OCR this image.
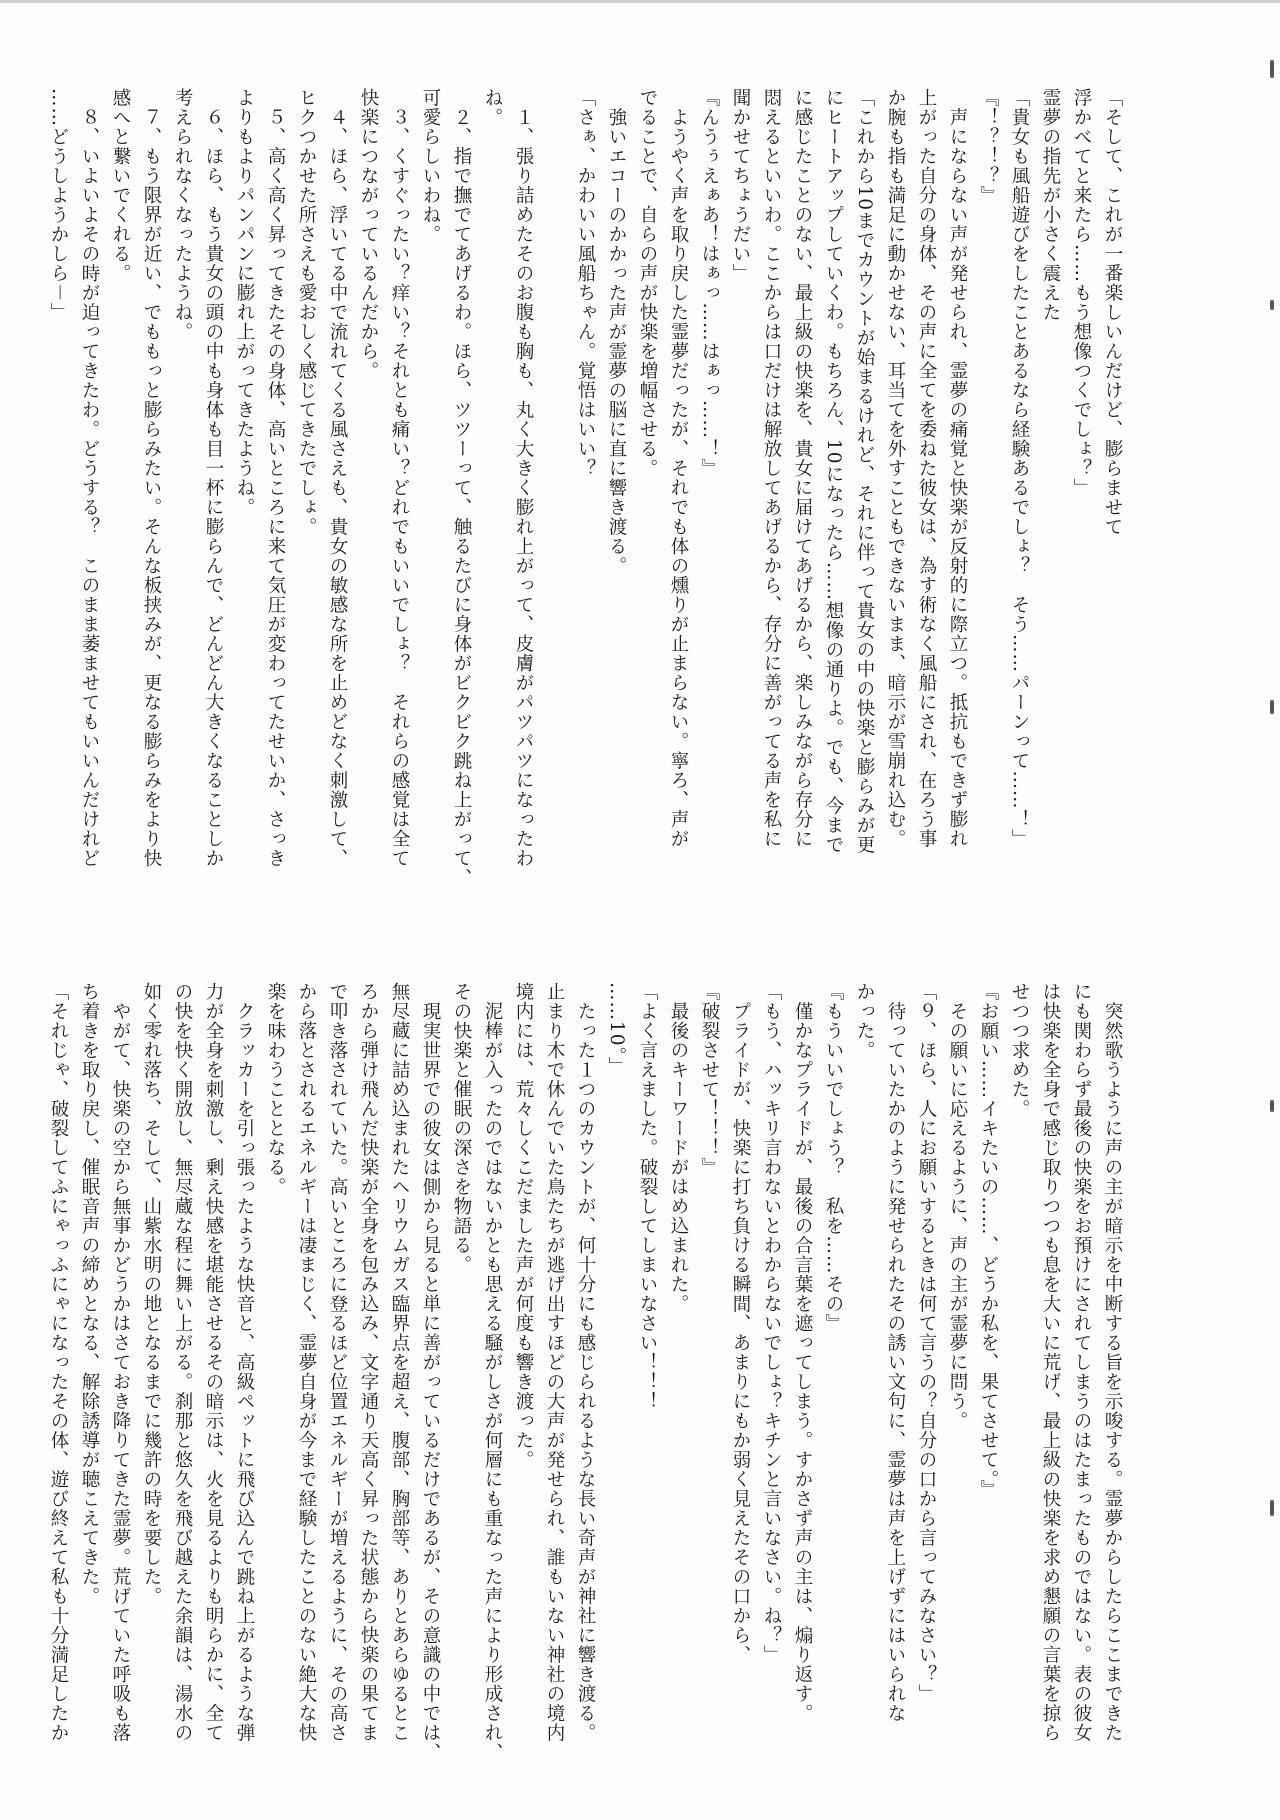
「そして、これが一番楽しいんだけど、膨らませて

浮かべてと来たら……もう想像つくでしょ？」

霊夢の指先が小さく震えた

「貴女も風船遊びをしたことあるなら経験あるでしょ？　そう……パーンって……！」

『！？！？』

　声にならない声が発せられ、霊夢の痛覚と快楽が反射的に際立つ。抵抗もできず膨れ

上がった自分の身体、その声に全てを委ねた彼女は、為す術なく風船にされ、在ろう事

か腕も指も満足に動かせない、耳当てを外すこともできないまま、暗示が雪崩れ込む。

「これから10までカウントが始まるけれど、それに伴って貴女の中の快楽と膨らみが更

にヒートアップしていくわ。もちろん、10になったら……想像の通りよ。でも、今まで

に感じたことのない、最上級の快楽を、貴女に届けてあげるから、楽しみながら存分に

悶えるといいわ。ここからは口だけは解放してあげるから、存分に善がってる声を私に

聞かせてちょうだい」

『んうぅえぁあ！はぁっ……はぁっ……！』

　ようやく声を取り戻した霊夢だったが、それでも体の燻りが止まらない。寧ろ、声が

でることで、自らの声が快楽を増幅させる。

　強いエコーのかかった声が霊夢の脳に直に響き渡る。

「さぁ、かわいい風船ちゃん。覚悟はいい？

　１、張り詰めたそのお腹も胸も、丸く大きく膨れ上がって、皮膚がパツパツになったわ

ね。

　２、指で撫でてあげるわ。ほら、ツツーって、触るたびに身体がビクビク跳ね上がって、

可愛らしいわね。

　３、くすぐったい？痒い？それとも痛い？どれでもいいでしょ？　それらの感覚は全て

快楽につながっているんだから。

　４、ほら、浮いてる中で流れてくる風さえも、貴女の敏感な所を止めどなく刺激して、

ヒクつかせた所さえも愛おしく感じてきたでしょ。

　５、高く高く昇ってきたその身体、高いところに来て気圧が変わってたせいか、さっき

よりもよりパンパンに膨れ上がってきたようね。

　６、ほら、もう貴女の頭の中も身体も目一杯に膨らんで、どんどん大きくなることしか

考えられなくなったようね。

　７、もう限界が近い、でももっと膨らみたい。そんな板挟みが、更なる膨らみをより快

感へと繋いでくれる。

　８、いよいよその時が迫ってきたわ。どうする？　このまま萎ませてもいいんだけれど

……どうしようかしら－」

　突然歌うように声の主が暗示を中断する旨を示唆する。霊夢からしたらここまできた

にも関わらず最後の快楽をお預けにされてしまうのはたまったものではない。表の彼女

は快楽を全身で感じ取りつつも息を大いに荒げ、最上級の快楽を求め懇願の言葉を掠ら

せつつ求めた。

『お願い……イキたいの……、どうか私を、果てさせて。』

　その願いに応えるように、声の主が霊夢に問う。

「９、ほら、人にお願いするときは何て言うの？自分の口から言ってみなさい？」

　待っていたかのように発せられたその誘い文句に、霊夢は声を上げずにはいられな

かった。

『もういいでしょう？　私を……その』

　僅かなプライドが、最後の合言葉を遮ってしまう。すかさず声の主は、煽り返す。

「もう、ハッキリ言わないとわからないでしょ？キチンと言いなさい。ね？」

　プライドが、快楽に打ち負ける瞬間、あまりにもか弱く見えたその口から、

『破裂させて！！！』

　最後のキーワードがはめ込まれた。

「よく言えました。破裂してしまいなさい！！！

……10。」

　たった１つのカウントが、何十分にも感じられるような長い奇声が神社に響き渡る。

止まり木で休んでいた鳥たちが逃げ出すほどの大声が発せられ、誰もいない神社の境内

境内には、荒々しくこだました声が何度も響き渡った。

　泥棒が入ったのではないかとも思える騒がしさが何層にも重なった声により形成され、

その快楽と催眠の深さを物語る。

　現実世界での彼女は側から見ると単に善がっているだけであるが、その意識の中では、

無尽蔵に詰め込まれたヘリウムガス臨界点を超え、腹部、胸部等、ありとあらゆるとこ

ろから弾け飛んだ快楽が全身を包み込み、文字通り天高く昇った状態から快楽の果てま

で叩き落されていた。高いところに登るほど位置エネルギーが増えるように、その高さ

から落とされるエネルギーは凄まじく、霊夢自身が今まで経験したことのない絶大な快

楽を味わうこととなる。

　クラッカーを引っ張ったような快音と、高級ペットに飛び込んで跳ね上がるような弾

力が全身を刺激し、剰え快感を堪能させるその暗示は、火を見るよりも明らかに、全て

の快を快く開放し、無尽蔵な程に舞い上がる。刹那と悠久を飛び越えた余韻は、湯水の

如く零れ落ち、そして、山紫水明の地となるまでに幾許の時を要した。

　やがて、快楽の空から無事かどうかはさておき降りてきた霊夢。荒げていた呼吸も落

ち着きを取り戻し、催眠音声の締めとなる、解除誘導が聴こえてきた。

「それじゃ、破裂してふにゃっふにゃになったその体、遊び終えて私も十分満足したか
